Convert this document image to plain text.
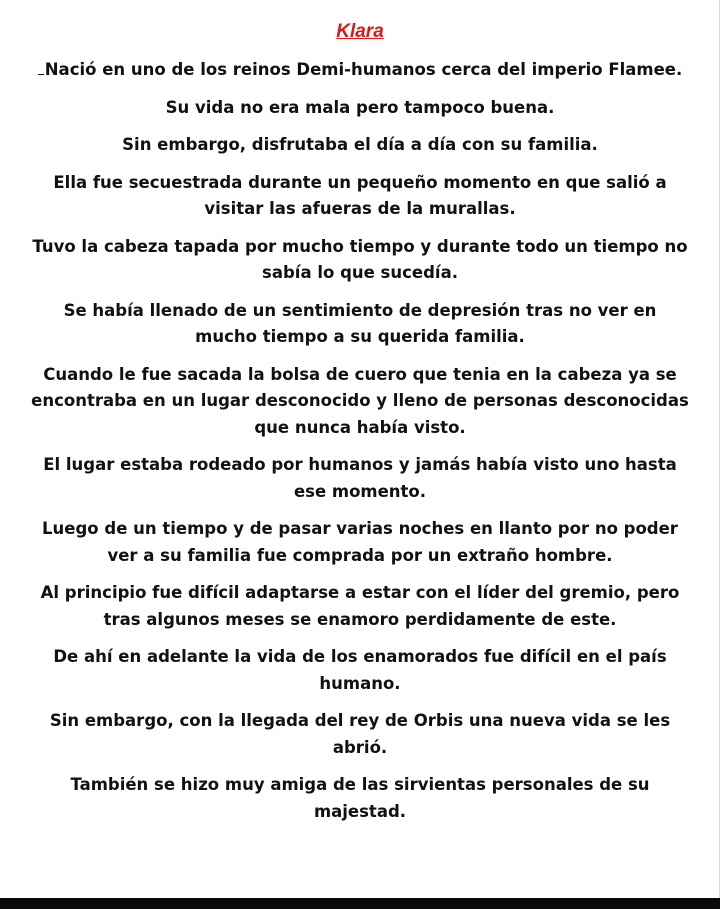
Klara

Nació en uno de los reinos Demi-humanos cerca del imperio Flamee.

Su vida no era mala pero tampoco buena.

Sin embargo, disfrutaba el día a día con su familia.

Ella fue secuestrada durante un pequeño momento en que salió a visitar las afueras de la murallas.

Tuvo la cabeza tapada por mucho tiempo y durante todo un tiempo no sabía lo que sucedía.

Se había llenado de un sentimiento de depresión tras no ver en mucho tiempo a su querida familia.

Cuando le fue sacada la bolsa de cuero que tenia en la cabeza ya se encontraba en un lugar desconocido y lleno de personas desconocidas que nunca había visto.

El lugar estaba rodeado por humanos y jamás había visto uno hasta ese momento.

Luego de un tiempo y de pasar varias noches en llanto por no poder ver a su familia fue comprada por un extraño hombre.

Al principio fue difícil adaptarse a estar con el líder del gremio, pero tras algunos meses se enamoro perdidamente de este.

De ahí en adelante la vida de los enamorados fue difícil en el país humano.

Sin embargo, con la llegada del rey de Orbis una nueva vida se les abrió.

También se hizo muy amiga de las sirvientas personales de su majestad.
